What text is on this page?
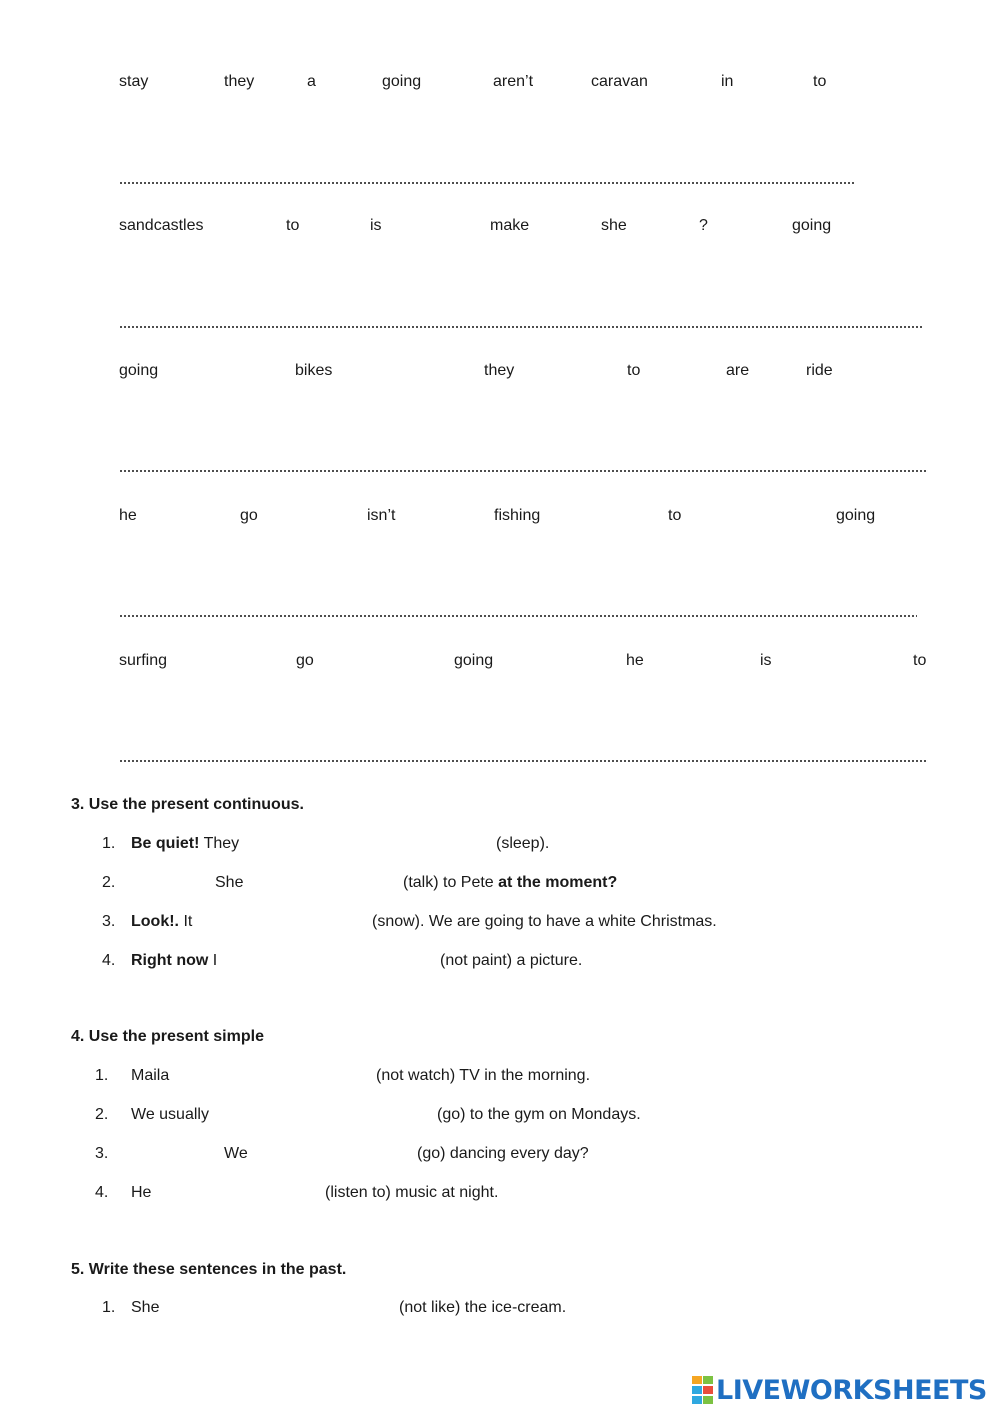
stay	they	a	going	aren’t	caravan	in	to
sandcastles	to	is	make	she	?	going
going	bikes	they	to	are	ride
he	go	isn’t	fishing	to	going
surfing	go	going	he	is	to
3. Use the present continuous.
1. Be quiet! They	(sleep).
2.	She	(talk) to Pete at the moment?
3. Look!. It	(snow). We are going to have a white Christmas.
4. Right now I	(not paint) a picture.
4. Use the present simple
1. Maila	(not watch) TV in the morning.
2. We usually	(go) to the gym on Mondays.
3.	We	(go) dancing every day?
4. He	(listen to) music at night.
5. Write these sentences in the past.
1. She	(not like) the ice-cream.
LIVEWORKSHEETS
